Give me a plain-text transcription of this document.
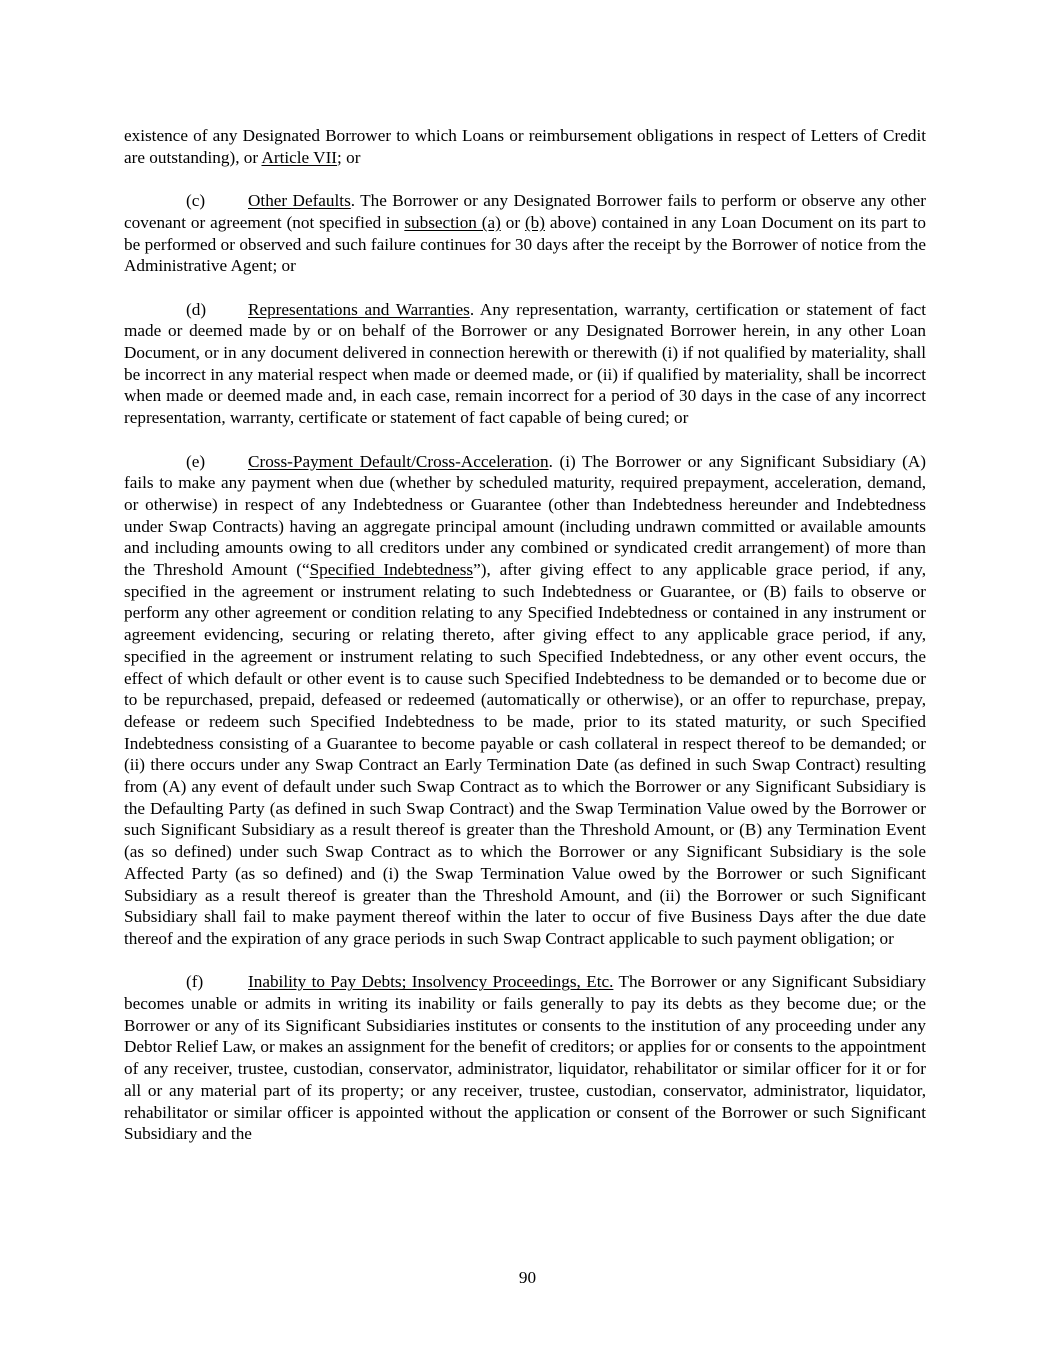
existence of any Designated Borrower to which Loans or reimbursement obligations in respect of Letters of Credit are outstanding), or Article VII; or

(c) Other Defaults. The Borrower or any Designated Borrower fails to perform or observe any other covenant or agreement (not specified in subsection (a) or (b) above) contained in any Loan Document on its part to be performed or observed and such failure continues for 30 days after the receipt by the Borrower of notice from the Administrative Agent; or

(d) Representations and Warranties. Any representation, warranty, certification or statement of fact made or deemed made by or on behalf of the Borrower or any Designated Borrower herein, in any other Loan Document, or in any document delivered in connection herewith or therewith (i) if not qualified by materiality, shall be incorrect in any material respect when made or deemed made, or (ii) if qualified by materiality, shall be incorrect when made or deemed made and, in each case, remain incorrect for a period of 30 days in the case of any incorrect representation, warranty, certificate or statement of fact capable of being cured; or

(e) Cross-Payment Default/Cross-Acceleration. (i) The Borrower or any Significant Subsidiary (A) fails to make any payment when due (whether by scheduled maturity, required prepayment, acceleration, demand, or otherwise) in respect of any Indebtedness or Guarantee (other than Indebtedness hereunder and Indebtedness under Swap Contracts) having an aggregate principal amount (including undrawn committed or available amounts and including amounts owing to all creditors under any combined or syndicated credit arrangement) of more than the Threshold Amount (“Specified Indebtedness”), after giving effect to any applicable grace period, if any, specified in the agreement or instrument relating to such Indebtedness or Guarantee, or (B) fails to observe or perform any other agreement or condition relating to any Specified Indebtedness or contained in any instrument or agreement evidencing, securing or relating thereto, after giving effect to any applicable grace period, if any, specified in the agreement or instrument relating to such Specified Indebtedness, or any other event occurs, the effect of which default or other event is to cause such Specified Indebtedness to be demanded or to become due or to be repurchased, prepaid, defeased or redeemed (automatically or otherwise), or an offer to repurchase, prepay, defease or redeem such Specified Indebtedness to be made, prior to its stated maturity, or such Specified Indebtedness consisting of a Guarantee to become payable or cash collateral in respect thereof to be demanded; or (ii) there occurs under any Swap Contract an Early Termination Date (as defined in such Swap Contract) resulting from (A) any event of default under such Swap Contract as to which the Borrower or any Significant Subsidiary is the Defaulting Party (as defined in such Swap Contract) and the Swap Termination Value owed by the Borrower or such Significant Subsidiary as a result thereof is greater than the Threshold Amount, or (B) any Termination Event (as so defined) under such Swap Contract as to which the Borrower or any Significant Subsidiary is the sole Affected Party (as so defined) and (i) the Swap Termination Value owed by the Borrower or such Significant Subsidiary as a result thereof is greater than the Threshold Amount, and (ii) the Borrower or such Significant Subsidiary shall fail to make payment thereof within the later to occur of five Business Days after the due date thereof and the expiration of any grace periods in such Swap Contract applicable to such payment obligation; or

(f)	Inability to Pay Debts; Insolvency Proceedings, Etc. The Borrower or any Significant Subsidiary becomes unable or admits in writing its inability or fails generally to pay its debts as they become due; or the Borrower or any of its Significant Subsidiaries institutes or consents to the institution of any proceeding under any Debtor Relief Law, or makes an assignment for the benefit of creditors; or applies for or consents to the appointment of any receiver, trustee, custodian, conservator, administrator, liquidator, rehabilitator or similar officer for it or for all or any material part of its property; or any receiver, trustee, custodian, conservator, administrator, liquidator, rehabilitator or similar officer is appointed without the application or consent of the Borrower or such Significant Subsidiary and the

90
